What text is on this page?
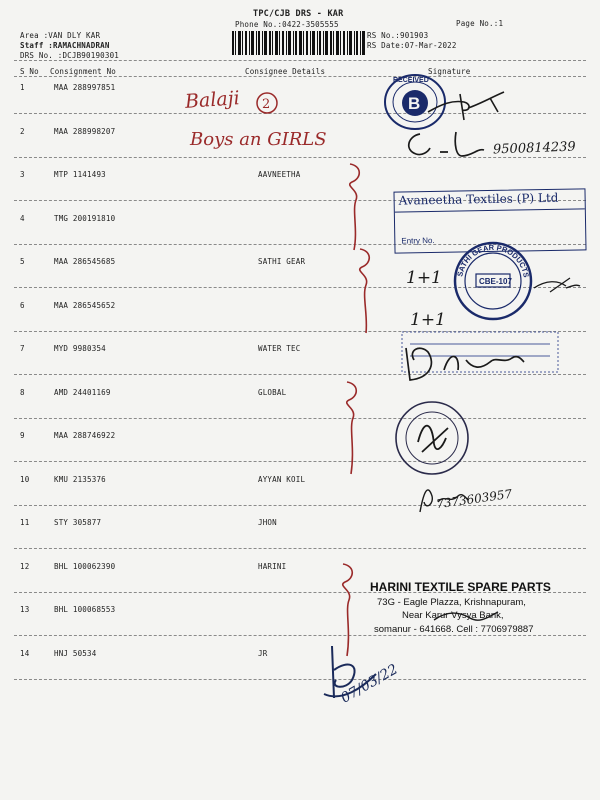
TPC/CJB DRS - KAR
Phone No.:0422-3505555	Page No.:1
Area :VAN DLY KAR
Staff :RAMACHNADRAN
DRS No. :DCJB90190301
RS No.:901903
RS Date:07-Mar-2022
S No Consignment No	Consignee Details	Signature
1	MAA 288997851
2	MAA 288998207
3	MTP 1141493	AAVNEETHA
4	TMG 200191810
5	MAA 286545685	SATHI GEAR
6	MAA 286545652
7	MYD 9980354	WATER TEC
8	AMD 24401169	GLOBAL
9	MAA 288746922
10	KMU 2135376	AYYAN KOIL
11	STY 305877	JHON
12	BHL 100062390	HARINI
13	BHL 100068553
14	HNJ 50534	JR
Balaji 2
Boys an GIRLS
B
RECEIVED
9500814239
Avaneetha Textiles (P) Ltd
Entry No.
CBE-107
SATHI GEAR PRODUCTS
1+1
1+1
7373603957
HARINI TEXTILE SPARE PARTS
73G - Eagle Plazza, Krishnapuram,
Near Karur Vysya Bank,
somanur - 641668. Cell : 7706979887
07/03/22
